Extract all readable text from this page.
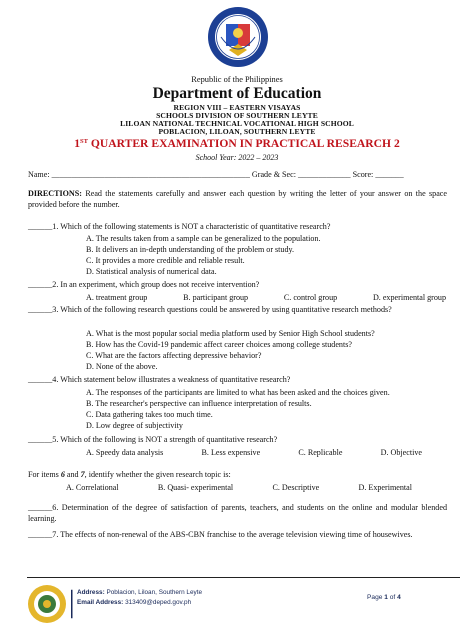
Republic of the Philippines
Department of Education
REGION VIII – EASTERN VISAYAS
SCHOOLS DIVISION OF SOUTHERN LEYTE
LILOAN NATIONAL TECHNICAL VOCATIONAL HIGH SCHOOL
POBLACION, LILOAN, SOUTHERN LEYTE
1ST QUARTER EXAMINATION IN PRACTICAL RESEARCH 2
School Year: 2022 – 2023
Name: _________________________________________________ Grade & Sec: _____________ Score: _______
DIRECTIONS: Read the statements carefully and answer each question by writing the letter of your answer on the space provided before the number.
______1. Which of the following statements is NOT a characteristic of quantitative research?
A. The results taken from a sample can be generalized to the population.
B. It delivers an in-depth understanding of the problem or study.
C. It provides a more credible and reliable result.
D. Statistical analysis of numerical data.
______2. In an experiment, which group does not receive intervention?
A. treatment group	B. participant group	C. control group	D. experimental group
______3. Which of the following research questions could be answered by using quantitative research methods?
A. What is the most popular social media platform used by Senior High School students?
B. How has the Covid-19 pandemic affect career choices among college students?
C. What are the factors affecting depressive behavior?
D. None of the above.
______4. Which statement below illustrates a weakness of quantitative research?
A. The responses of the participants are limited to what has been asked and the choices given.
B. The researcher's perspective can influence interpretation of results.
C. Data gathering takes too much time.
D. Low degree of subjectivity
______5. Which of the following is NOT a strength of quantitative research?
A. Speedy data analysis	B. Less expensive	C. Replicable	D. Objective
For items 6 and 7, identify whether the given research topic is:
A. Correlational	B. Quasi- experimental	C. Descriptive	D. Experimental
______6. Determination of the degree of satisfaction of parents, teachers, and students on the online and modular blended learning.
______7. The effects of non-renewal of the ABS-CBN franchise to the average television viewing time of housewives.
Address: Poblacion, Liloan, Southern Leyte
Email Address: 313409@deped.gov.ph
Page 1 of 4
